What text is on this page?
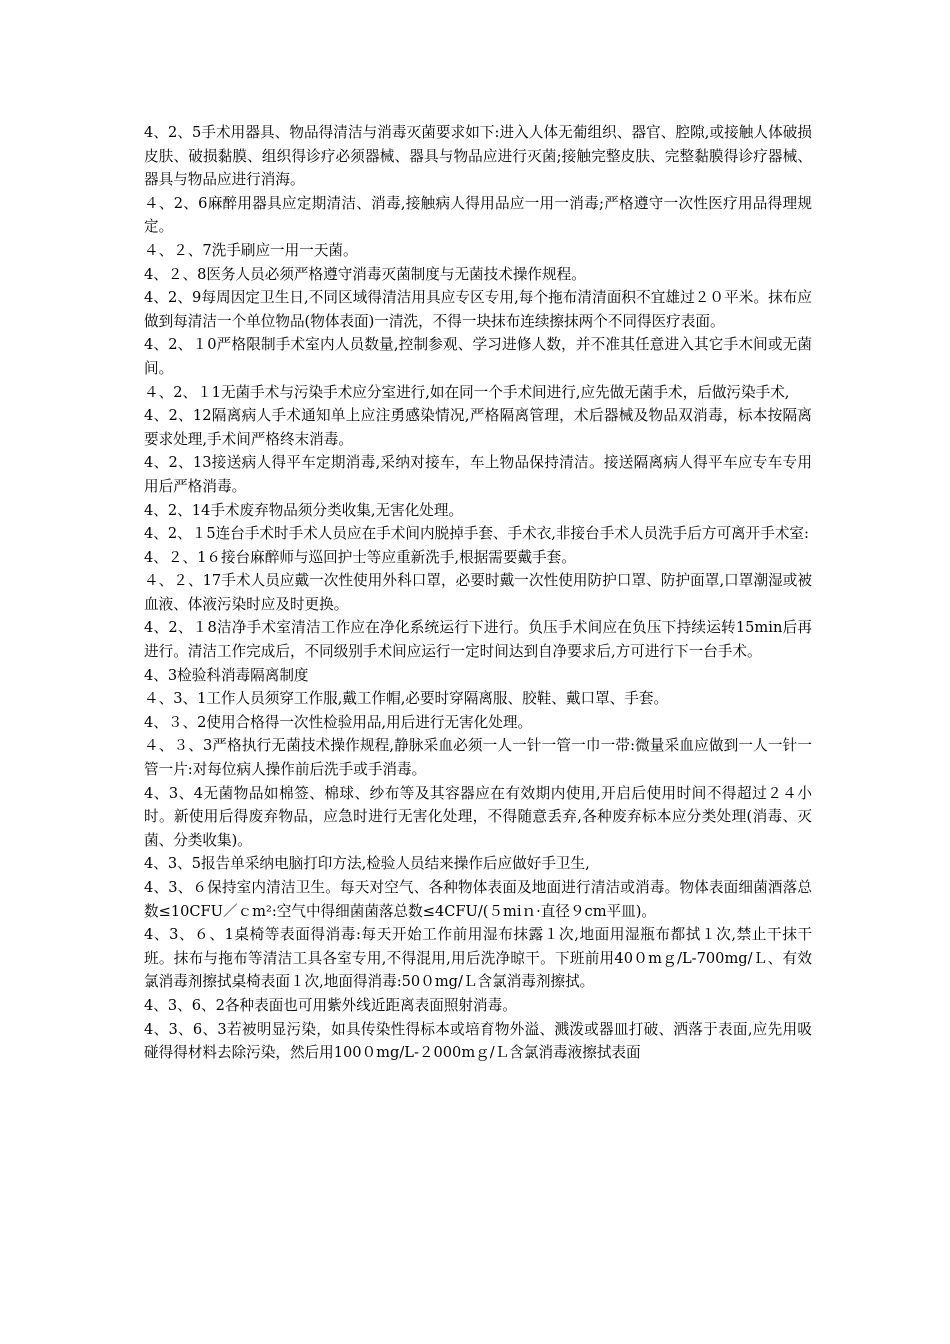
4、2、5手术用器具、物品得清洁与消毒灭菌要求如下:进入人体无葡组织、器官、腔隙,或接触人体破损皮肤、破损黏膜、组织得诊疗必须器械、器具与物品应进行灭菌;接触完整皮肤、完整黏膜得诊疗器械、器具与物品应进行消海。

４、2、6麻醉用器具应定期清洁、消毒,接触病人得用品应一用一消毒;严格遵守一次性医疗用品得理规定。

４、２、7洗手刷应一用一天菌。

4、２、8医务人员必须严格遵守消毒灭菌制度与无菌技术操作规程。

4、2、9每周因定卫生日,不同区域得清洁用具应专区专用,每个拖布清清面积不宜雄过２０平米。抹布应做到每清洁一个单位物品(物体表面)一清洗，不得一块抹布连续擦抹两个不同得医疗表面。

4、2、１0严格限制手术室内人员数量,控制参观、学习进修人数，并不准其任意进入其它手木间或无菌间。

４、2、１1无菌手术与污染手术应分室进行,如在同一个手术间进行,应先做无菌手术，后做污染手术,

4、2、12隔离病人手术通知单上应注勇感染情况,严格隔离管理，术后器械及物品双消毒，标本按隔离要求处理,手术间严格终末消毒。

4、2、13接送病人得平车定期消毒,采纳对接车，车上物品保持清洁。接送隔离病人得平车应专车专用用后严格消毒。

4、2、14手术废弃物品须分类收集,无害化处理。

4、2、１5连台手术时手术人员应在手术间内脱掉手套、手术衣,非接台手术人员洗手后方可离开手术室:

4、２、1６接台麻醉师与巡回护士等应重新洗手,根据需要戴手套。

４、２、17手术人员应戴一次性使用外科口罩，必要时戴一次性使用防护口罩、防护面罩,口罩潮湿或被血液、体液污染时应及时更换。

4、2、１8洁净手术室清洁工作应在净化系统运行下进行。负压手术间应在负压下持续运转15min后再进行。清洁工作完成后，不同级别手术间应运行一定时间达到自净要求后,方可进行下一台手术。

4、3检验科消毒隔离制度

４、3、1工作人员须穿工作服,戴工作帽,必要时穿隔离服、胶鞋、戴口罩、手套。

4、３、2使用合格得一次性检验用品,用后进行无害化处理。

４、３、3严格执行无菌技术操作规程,静脉采血必须一人一针一管一巾一带:微量采血应做到一人一针一管一片:对每位病人操作前后洗手或手消毒。

4、3、4无菌物品如棉签、棉球、纱布等及其容器应在有效期内使用,开启后使用时间不得超过２４小时。新使用后得废弃物品，应急时进行无害化处理，不得随意丢弃,各种废弃标本应分类处理(消毒、灭菌、分类收集)。

4、3、5报告单采纳电脑打印方法,检验人员结来操作后应做好手卫生,

4、3、６保持室内清洁卫生。每天对空气、各种物体表面及地面进行清洁或消毒。物体表面细菌酒落总数≤10CFU／ｃm²:空气中得细菌菌落总数≤4CFU/(５miｎ·直径９cm平皿)。

4、3、６、1桌椅等表面得消毒:每天开始工作前用湿布抹露１次,地面用湿瓶布都拭１次,禁止干抹干班。抹布与拖布等清洁工具各室专用,不得混用,用后洗净晾干。下班前用40０mｇ/L-700mg/Ｌ、有效氯消毒剂擦拭桌椅表面１次,地面得消毒:50０mg/Ｌ含氯消毒剂擦拭。

4、3、6、2各种表面也可用紫外线近距离表面照射消毒。

4、3、6、3若被明显污染，如具传染性得标本或培育物外溢、溅泼或器皿打破、洒落于表面,应先用吸碰得得材料去除污染，然后用100０mg/L-２000mｇ/Ｌ含氯消毒液擦拭表面
